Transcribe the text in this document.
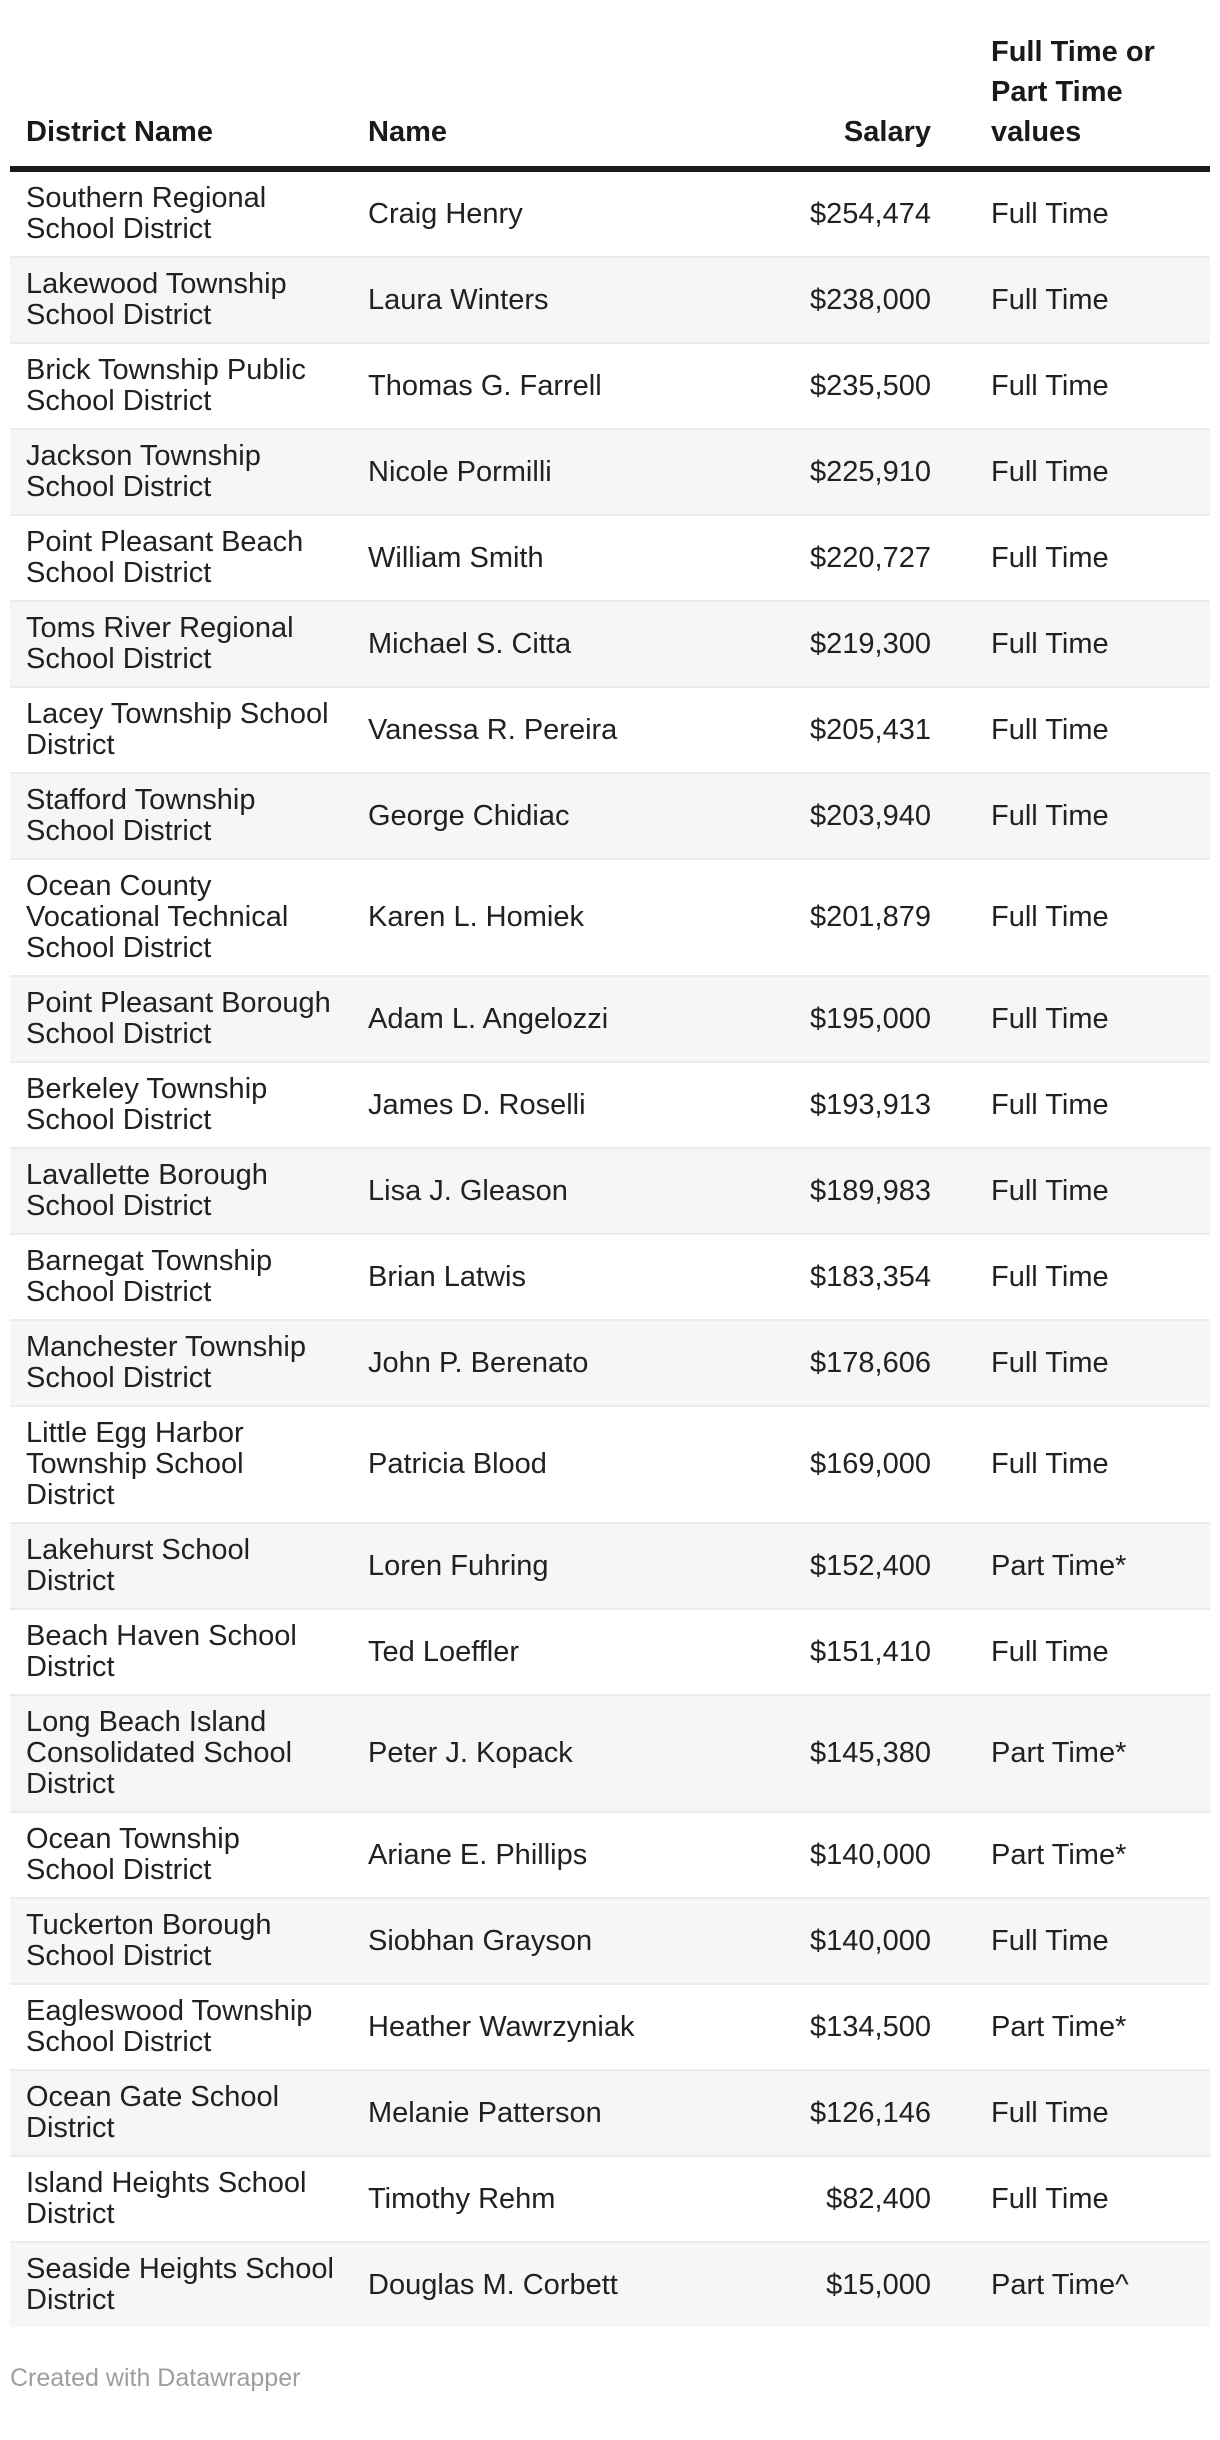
District Name	Name	Salary	Full Time or Part Time values

Southern Regional School District	Craig Henry	$254,474	Full Time
Lakewood Township School District	Laura Winters	$238,000	Full Time
Brick Township Public School District	Thomas G. Farrell	$235,500	Full Time
Jackson Township School District	Nicole Pormilli	$225,910	Full Time
Point Pleasant Beach School District	William Smith	$220,727	Full Time
Toms River Regional School District	Michael S. Citta	$219,300	Full Time
Lacey Township School District	Vanessa R. Pereira	$205,431	Full Time
Stafford Township School District	George Chidiac	$203,940	Full Time
Ocean County Vocational Technical School District	Karen L. Homiek	$201,879	Full Time
Point Pleasant Borough School District	Adam L. Angelozzi	$195,000	Full Time
Berkeley Township School District	James D. Roselli	$193,913	Full Time
Lavallette Borough School District	Lisa J. Gleason	$189,983	Full Time
Barnegat Township School District	Brian Latwis	$183,354	Full Time
Manchester Township School District	John P. Berenato	$178,606	Full Time
Little Egg Harbor Township School District	Patricia Blood	$169,000	Full Time
Lakehurst School District	Loren Fuhring	$152,400	Part Time*
Beach Haven School District	Ted Loeffler	$151,410	Full Time
Long Beach Island Consolidated School District	Peter J. Kopack	$145,380	Part Time*
Ocean Township School District	Ariane E. Phillips	$140,000	Part Time*
Tuckerton Borough School District	Siobhan Grayson	$140,000	Full Time
Eagleswood Township School District	Heather Wawrzyniak	$134,500	Part Time*
Ocean Gate School District	Melanie Patterson	$126,146	Full Time
Island Heights School District	Timothy Rehm	$82,400	Full Time
Seaside Heights School District	Douglas M. Corbett	$15,000	Part Time^

Created with Datawrapper
